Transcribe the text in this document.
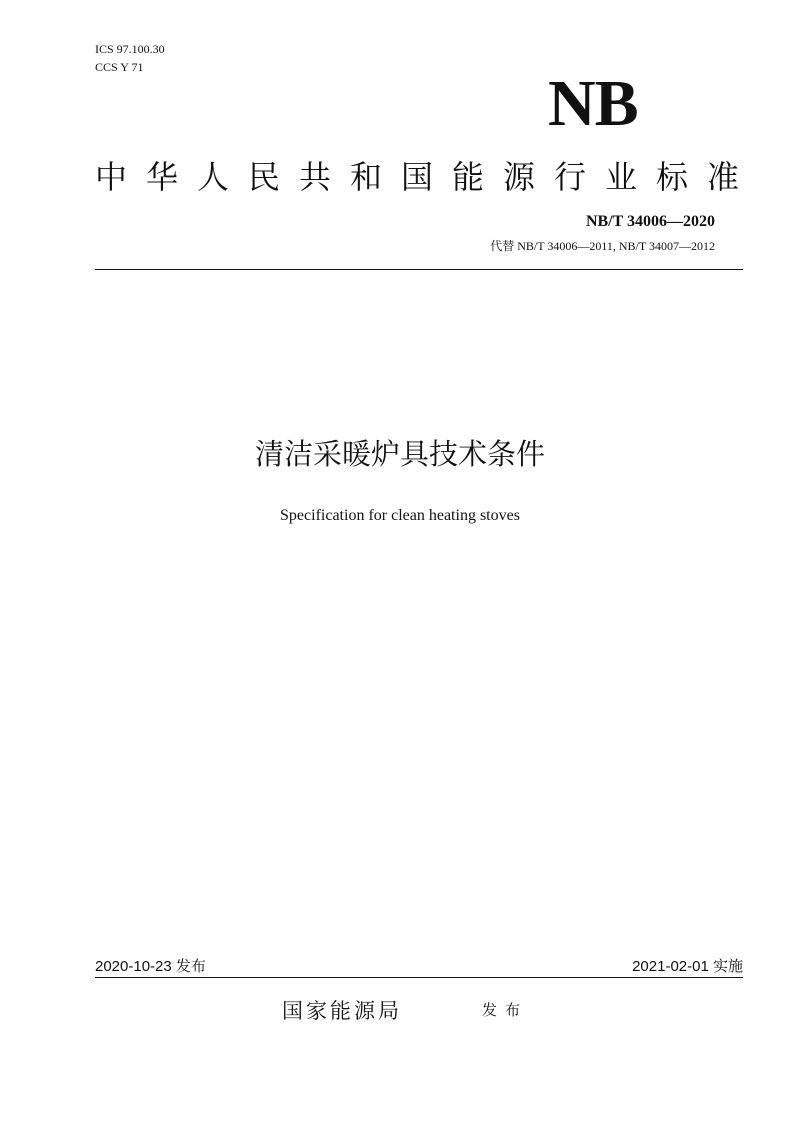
ICS 97.100.30
CCS Y 71	NB
中华人民共和国能源行业标准
NB/T 34006—2020
代替 NB/T 34006—2011, NB/T 34007—2012
清洁采暖炉具技术条件
Specification for clean heating stoves
2020-10-23 发布	2021-02-01 实施
国家能源局	发布
